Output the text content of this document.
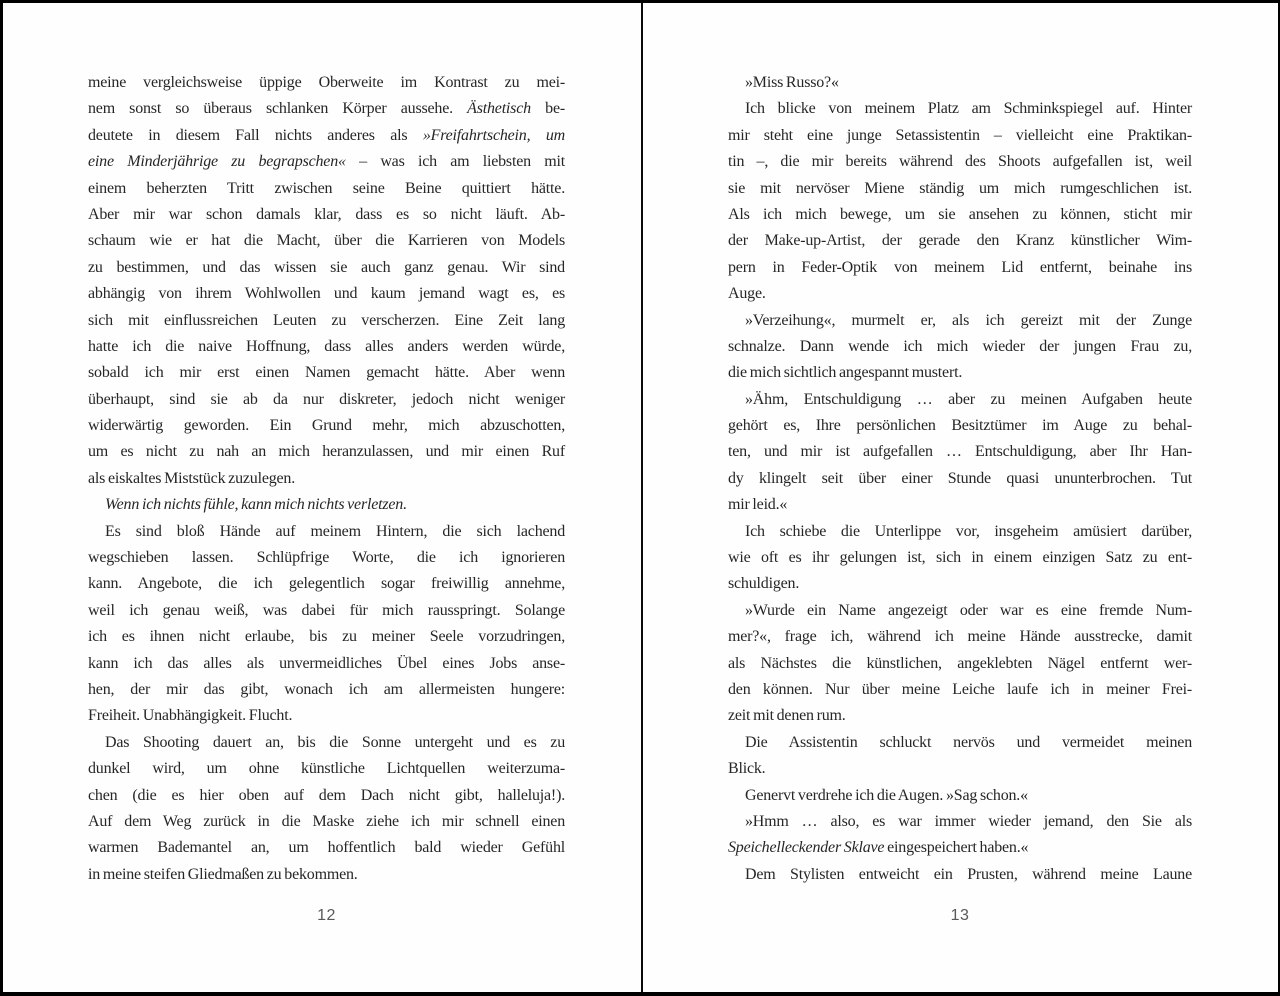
meine vergleichsweise üppige Oberweite im Kontrast zu mei-
nem sonst so überaus schlanken Körper aussehe. Ästhetisch be-
deutete in diesem Fall nichts anderes als »Freifahrtschein, um
eine Minderjährige zu begrapschen« – was ich am liebsten mit
einem beherzten Tritt zwischen seine Beine quittiert hätte.
Aber mir war schon damals klar, dass es so nicht läuft. Ab-
schaum wie er hat die Macht, über die Karrieren von Models
zu bestimmen, und das wissen sie auch ganz genau. Wir sind
abhängig von ihrem Wohlwollen und kaum jemand wagt es, es
sich mit einflussreichen Leuten zu verscherzen. Eine Zeit lang
hatte ich die naive Hoffnung, dass alles anders werden würde,
sobald ich mir erst einen Namen gemacht hätte. Aber wenn
überhaupt, sind sie ab da nur diskreter, jedoch nicht weniger
widerwärtig geworden. Ein Grund mehr, mich abzuschotten,
um es nicht zu nah an mich heranzulassen, und mir einen Ruf
als eiskaltes Miststück zuzulegen.
Wenn ich nichts fühle, kann mich nichts verletzen.
Es sind bloß Hände auf meinem Hintern, die sich lachend
wegschieben lassen. Schlüpfrige Worte, die ich ignorieren
kann. Angebote, die ich gelegentlich sogar freiwillig annehme,
weil ich genau weiß, was dabei für mich rausspringt. Solange
ich es ihnen nicht erlaube, bis zu meiner Seele vorzudringen,
kann ich das alles als unvermeidliches Übel eines Jobs anse-
hen, der mir das gibt, wonach ich am allermeisten hungere:
Freiheit. Unabhängigkeit. Flucht.
Das Shooting dauert an, bis die Sonne untergeht und es zu
dunkel wird, um ohne künstliche Lichtquellen weiterzuma-
chen (die es hier oben auf dem Dach nicht gibt, halleluja!).
Auf dem Weg zurück in die Maske ziehe ich mir schnell einen
warmen Bademantel an, um hoffentlich bald wieder Gefühl
in meine steifen Gliedmaßen zu bekommen.
12
»Miss Russo?«
Ich blicke von meinem Platz am Schminkspiegel auf. Hinter
mir steht eine junge Setassistentin – vielleicht eine Praktikan-
tin –, die mir bereits während des Shoots aufgefallen ist, weil
sie mit nervöser Miene ständig um mich rumgeschlichen ist.
Als ich mich bewege, um sie ansehen zu können, sticht mir
der Make-up-Artist, der gerade den Kranz künstlicher Wim-
pern in Feder-Optik von meinem Lid entfernt, beinahe ins
Auge.
»Verzeihung«, murmelt er, als ich gereizt mit der Zunge
schnalze. Dann wende ich mich wieder der jungen Frau zu,
die mich sichtlich angespannt mustert.
»Ähm, Entschuldigung … aber zu meinen Aufgaben heute
gehört es, Ihre persönlichen Besitztümer im Auge zu behal-
ten, und mir ist aufgefallen … Entschuldigung, aber Ihr Han-
dy klingelt seit über einer Stunde quasi ununterbrochen. Tut
mir leid.«
Ich schiebe die Unterlippe vor, insgeheim amüsiert darüber,
wie oft es ihr gelungen ist, sich in einem einzigen Satz zu ent-
schuldigen.
»Wurde ein Name angezeigt oder war es eine fremde Num-
mer?«, frage ich, während ich meine Hände ausstrecke, damit
als Nächstes die künstlichen, angeklebten Nägel entfernt wer-
den können. Nur über meine Leiche laufe ich in meiner Frei-
zeit mit denen rum.
Die Assistentin schluckt nervös und vermeidet meinen
Blick.
Genervt verdrehe ich die Augen. »Sag schon.«
»Hmm … also, es war immer wieder jemand, den Sie als
Speichelleckender Sklave eingespeichert haben.«
Dem Stylisten entweicht ein Prusten, während meine Laune
13
